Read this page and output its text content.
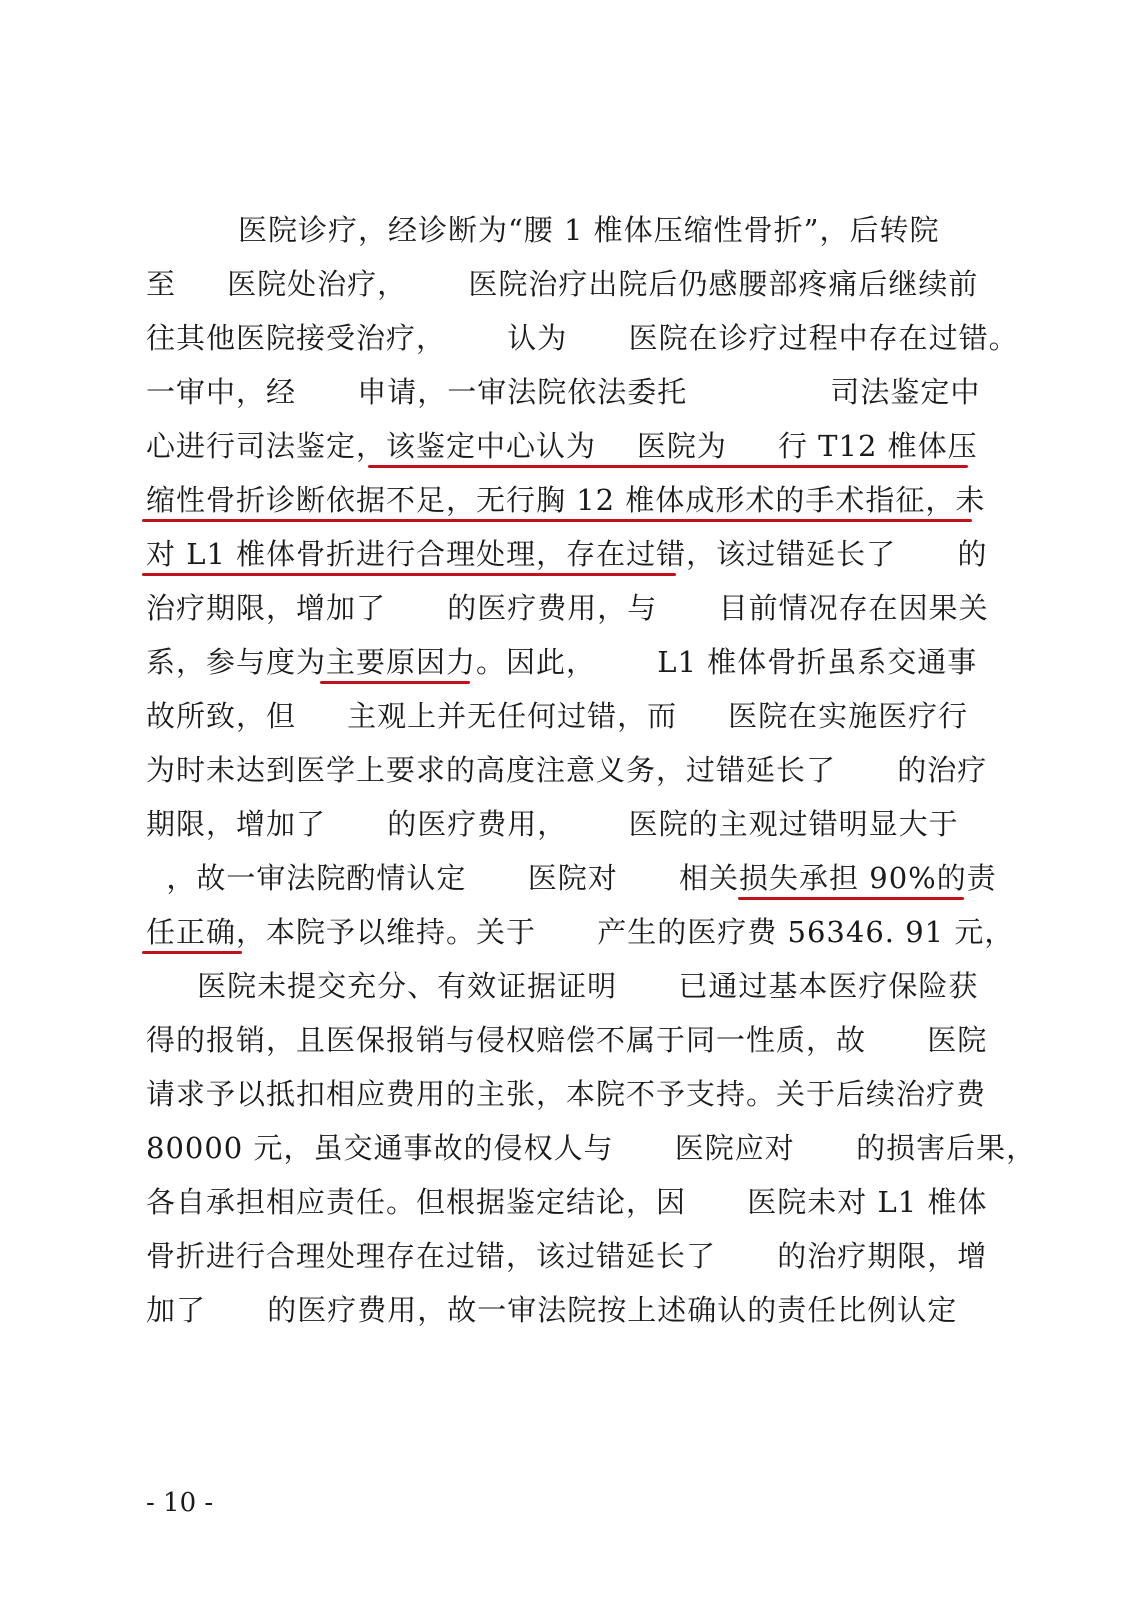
医院诊疗，经诊断为“腰 1 椎体压缩性骨折”，后转院
至     医院处治疗，      医院治疗出院后仍感腰部疼痛后继续前
往其他医院接受治疗，      认为      医院在诊疗过程中存在过错。
一审中，经      申请，一审法院依法委托              司法鉴定中
心进行司法鉴定，该鉴定中心认为    医院为     行 T12 椎体压
缩性骨折诊断依据不足，无行胸 12 椎体成形术的手术指征，未
对 L1 椎体骨折进行合理处理，存在过错，该过错延长了      的
治疗期限，增加了      的医疗费用，与      目前情况存在因果关
系，参与度为主要原因力。因此，      L1 椎体骨折虽系交通事
故所致，但     主观上并无任何过错，而     医院在实施医疗行
为时未达到医学上要求的高度注意义务，过错延长了      的治疗
期限，增加了      的医疗费用，      医院的主观过错明显大于
，故一审法院酌情认定      医院对      相关损失承担 90%的责
任正确，本院予以维持。关于      产生的医疗费 56346. 91 元，
医院未提交充分、有效证据证明      已通过基本医疗保险获
得的报销，且医保报销与侵权赔偿不属于同一性质，故      医院
请求予以抵扣相应费用的主张，本院不予支持。关于后续治疗费
80000 元，虽交通事故的侵权人与      医院应对      的损害后果，
各自承担相应责任。但根据鉴定结论，因      医院未对 L1 椎体
骨折进行合理处理存在过错，该过错延长了      的治疗期限，增
加了      的医疗费用，故一审法院按上述确认的责任比例认定
- 10 -
